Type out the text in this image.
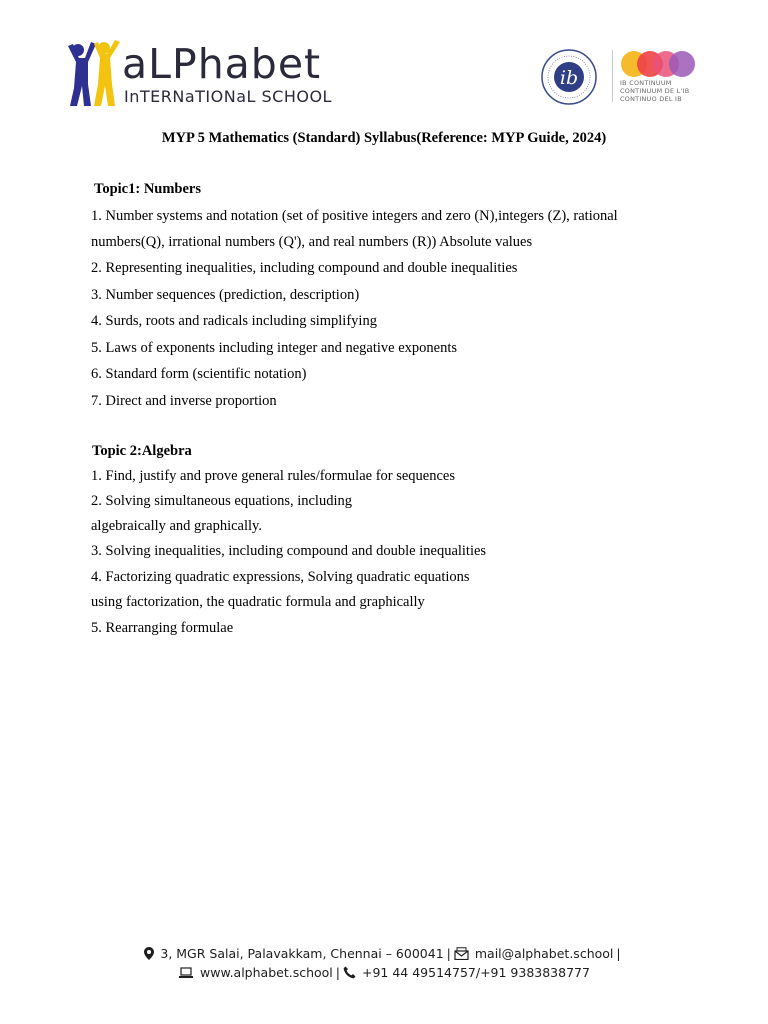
aLPhabet
InTERNaTIONaL SCHOOL
ib	IB CONTINUUM
CONTINUUM DE L'IB
CONTINUO DEL IB
MYP 5 Mathematics (Standard) Syllabus(Reference: MYP Guide, 2024)
Topic1: Numbers
1. Number systems and notation (set of positive integers and zero (N),integers (Z), rational
numbers(Q), irrational numbers (Q'), and real numbers (R)) Absolute values
2. Representing inequalities, including compound and double inequalities
3. Number sequences (prediction, description)
4. Surds, roots and radicals including simplifying
5. Laws of exponents including integer and negative exponents
6. Standard form (scientific notation)
7. Direct and inverse proportion
Topic 2:Algebra
1. Find, justify and prove general rules/formulae for sequences
2. Solving simultaneous equations, including
algebraically and graphically.
3. Solving inequalities, including compound and double inequalities
4. Factorizing quadratic expressions, Solving quadratic equations
using factorization, the quadratic formula and graphically
5. Rearranging formulae
3, MGR Salai, Palavakkam, Chennai – 600041 | mail@alphabet.school |
www.alphabet.school | +91 44 49514757/+91 9383838777
